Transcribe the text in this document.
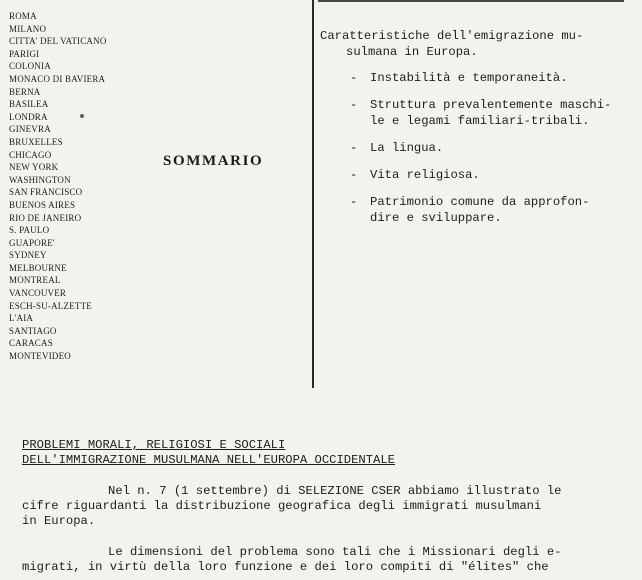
ROMA
MILANO
CITTA' DEL VATICANO
PARIGI
COLONIA
MONACO DI BAVIERA
BERNA
BASILEA
LONDRA
GINEVRA
BRUXELLES
CHICAGO
NEW YORK
WASHINGTON
SAN FRANCISCO
BUENOS AIRES
RIO DE JANEIRO
S. PAULO
GUAPORE'
SYDNEY
MELBOURNE
MONTREAL
VANCOUVER
ESCH-SU-ALZETTE
L'AIA
SANTIAGO
CARACAS
MONTEVIDEO
SOMMARIO
Caratteristiche dell'emigrazione mu-
sulmana in Europa.
- Instabilità e temporaneità.
- Struttura prevalentemente maschi-
le e legami familiari-tribali.
- La lingua.
- Vita religiosa.
- Patrimonio comune da approfon-
dire e sviluppare.
PROBLEMI MORALI, RELIGIOSI E SOCIALI
DELL'IMMIGRAZIONE MUSULMANA NELL'EUROPA OCCIDENTALE
Nel n. 7 (1 settembre) di SELEZIONE CSER abbiamo illustrato le
cifre riguardanti la distribuzione geografica degli immigrati musulmani
in Europa.
Le dimensioni del problema sono tali che i Missionari degli e-
migrati, in virtù della loro funzione e dei loro compiti di "élites" che
